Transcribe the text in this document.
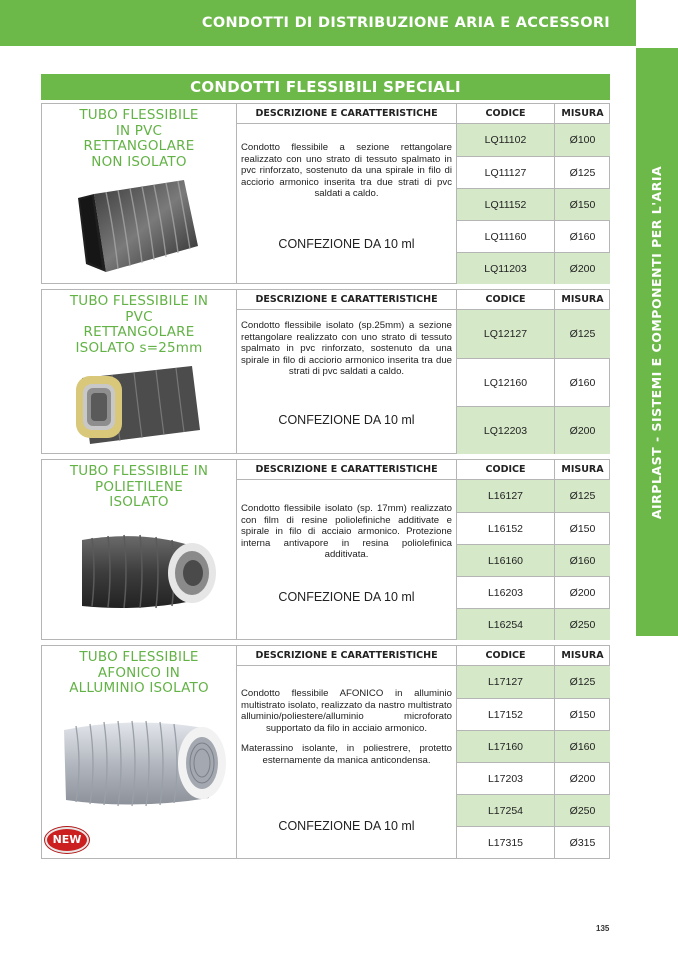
CONDOTTI DI DISTRIBUZIONE ARIA E ACCESSORI
AIRPLAST - SISTEMI E COMPONENTI PER L'ARIA
CONDOTTI FLESSIBILI SPECIALI
TUBO FLESSIBILE
IN PVC
RETTANGOLARE
NON ISOLATO
DESCRIZIONE E CARATTERISTICHE	CODICE	MISURA

Condotto flessibile a sezione rettangolare realizzato con uno strato di tessuto spalmato in pvc rinforzato, sostenuto da una spirale in filo di acciorio armonico inserita tra due strati di pvc saldati a caldo.

CONFEZIONE DA 10 ml
LQ11102	Ø100
LQ11127	Ø125
LQ11152	Ø150
LQ11160	Ø160
LQ11203	Ø200
TUBO FLESSIBILE IN
PVC
RETTANGOLARE
ISOLATO s=25mm
DESCRIZIONE E CARATTERISTICHE	CODICE	MISURA

Condotto flessibile isolato (sp.25mm) a sezione rettangolare realizzato con uno strato di tessuto spalmato in pvc rinforzato, sostenuto da una spirale in filo di acciorio armonico inserita tra due strati di pvc saldati a caldo.

CONFEZIONE DA 10 ml
LQ12127	Ø125
LQ12160	Ø160
LQ12203	Ø200
TUBO FLESSIBILE IN
POLIETILENE
ISOLATO
DESCRIZIONE E CARATTERISTICHE	CODICE	MISURA

Condotto flessibile isolato (sp. 17mm) realizzato con film di resine poliolefiniche additivate e spirale in filo di acciaio armonico. Protezione interna antivapore in resina poliolefinica additivata.

CONFEZIONE DA 10 ml
L16127	Ø125
L16152	Ø150
L16160	Ø160
L16203	Ø200
L16254	Ø250
TUBO FLESSIBILE
AFONICO IN
ALLUMINIO ISOLATO
NEW
DESCRIZIONE E CARATTERISTICHE	CODICE	MISURA

Condotto flessibile AFONICO in alluminio multistrato isolato, realizzato da nastro multistrato alluminio/poliestere/alluminio microforato supportato da filo in acciaio armonico.

Materassino isolante, in poliestrere, protetto esternamente da manica anticondensa.

CONFEZIONE DA 10 ml
L17127	Ø125
L17152	Ø150
L17160	Ø160
L17203	Ø200
L17254	Ø250
L17315	Ø315
135
